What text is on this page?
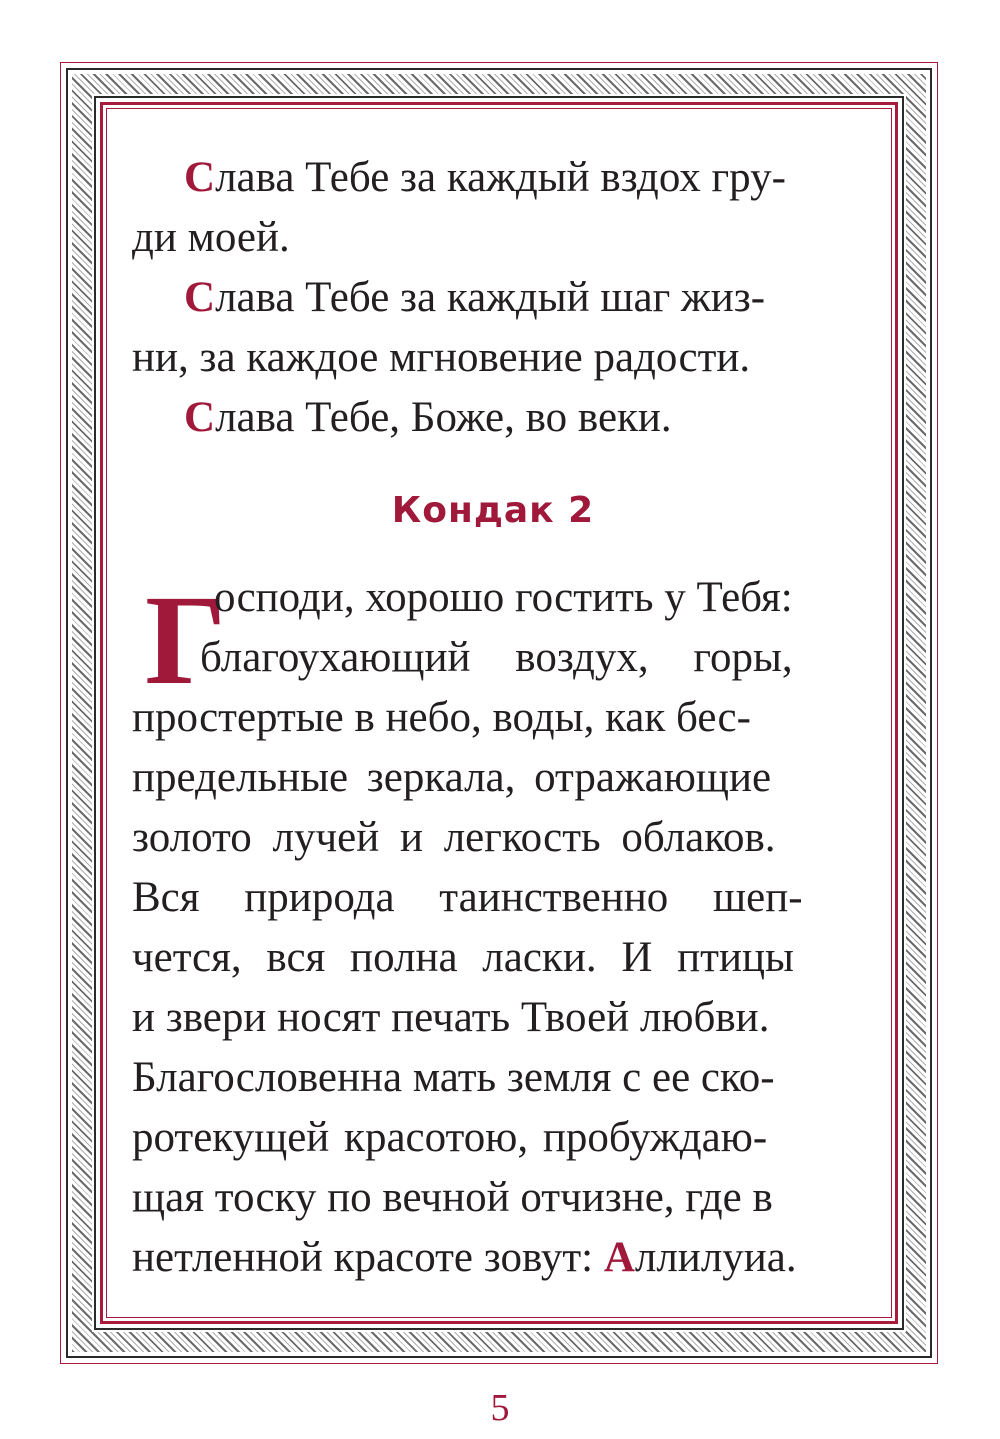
Слава Тебе за каждый вздох гру-
ди моей.
Слава Тебе за каждый шаг жиз-
ни, за каждое мгновение радости.
Слава Тебе, Боже, во веки.

Кондак 2

Г
осподи, хорошо гостить у Тебя:
благоухающий воздух, горы,
простертые в небо, воды, как бес-
предельные зеркала, отражающие
золото лучей и легкость облаков.
Вся природа таинственно шеп-
чется, вся полна ласки. И птицы
и звери носят печать Твоей любви.
Благословенна мать земля с ее ско-
ротекущей красотою, пробуждаю-
щая тоску по вечной отчизне, где в
нетленной красоте зовут: Аллилуиа.
5
